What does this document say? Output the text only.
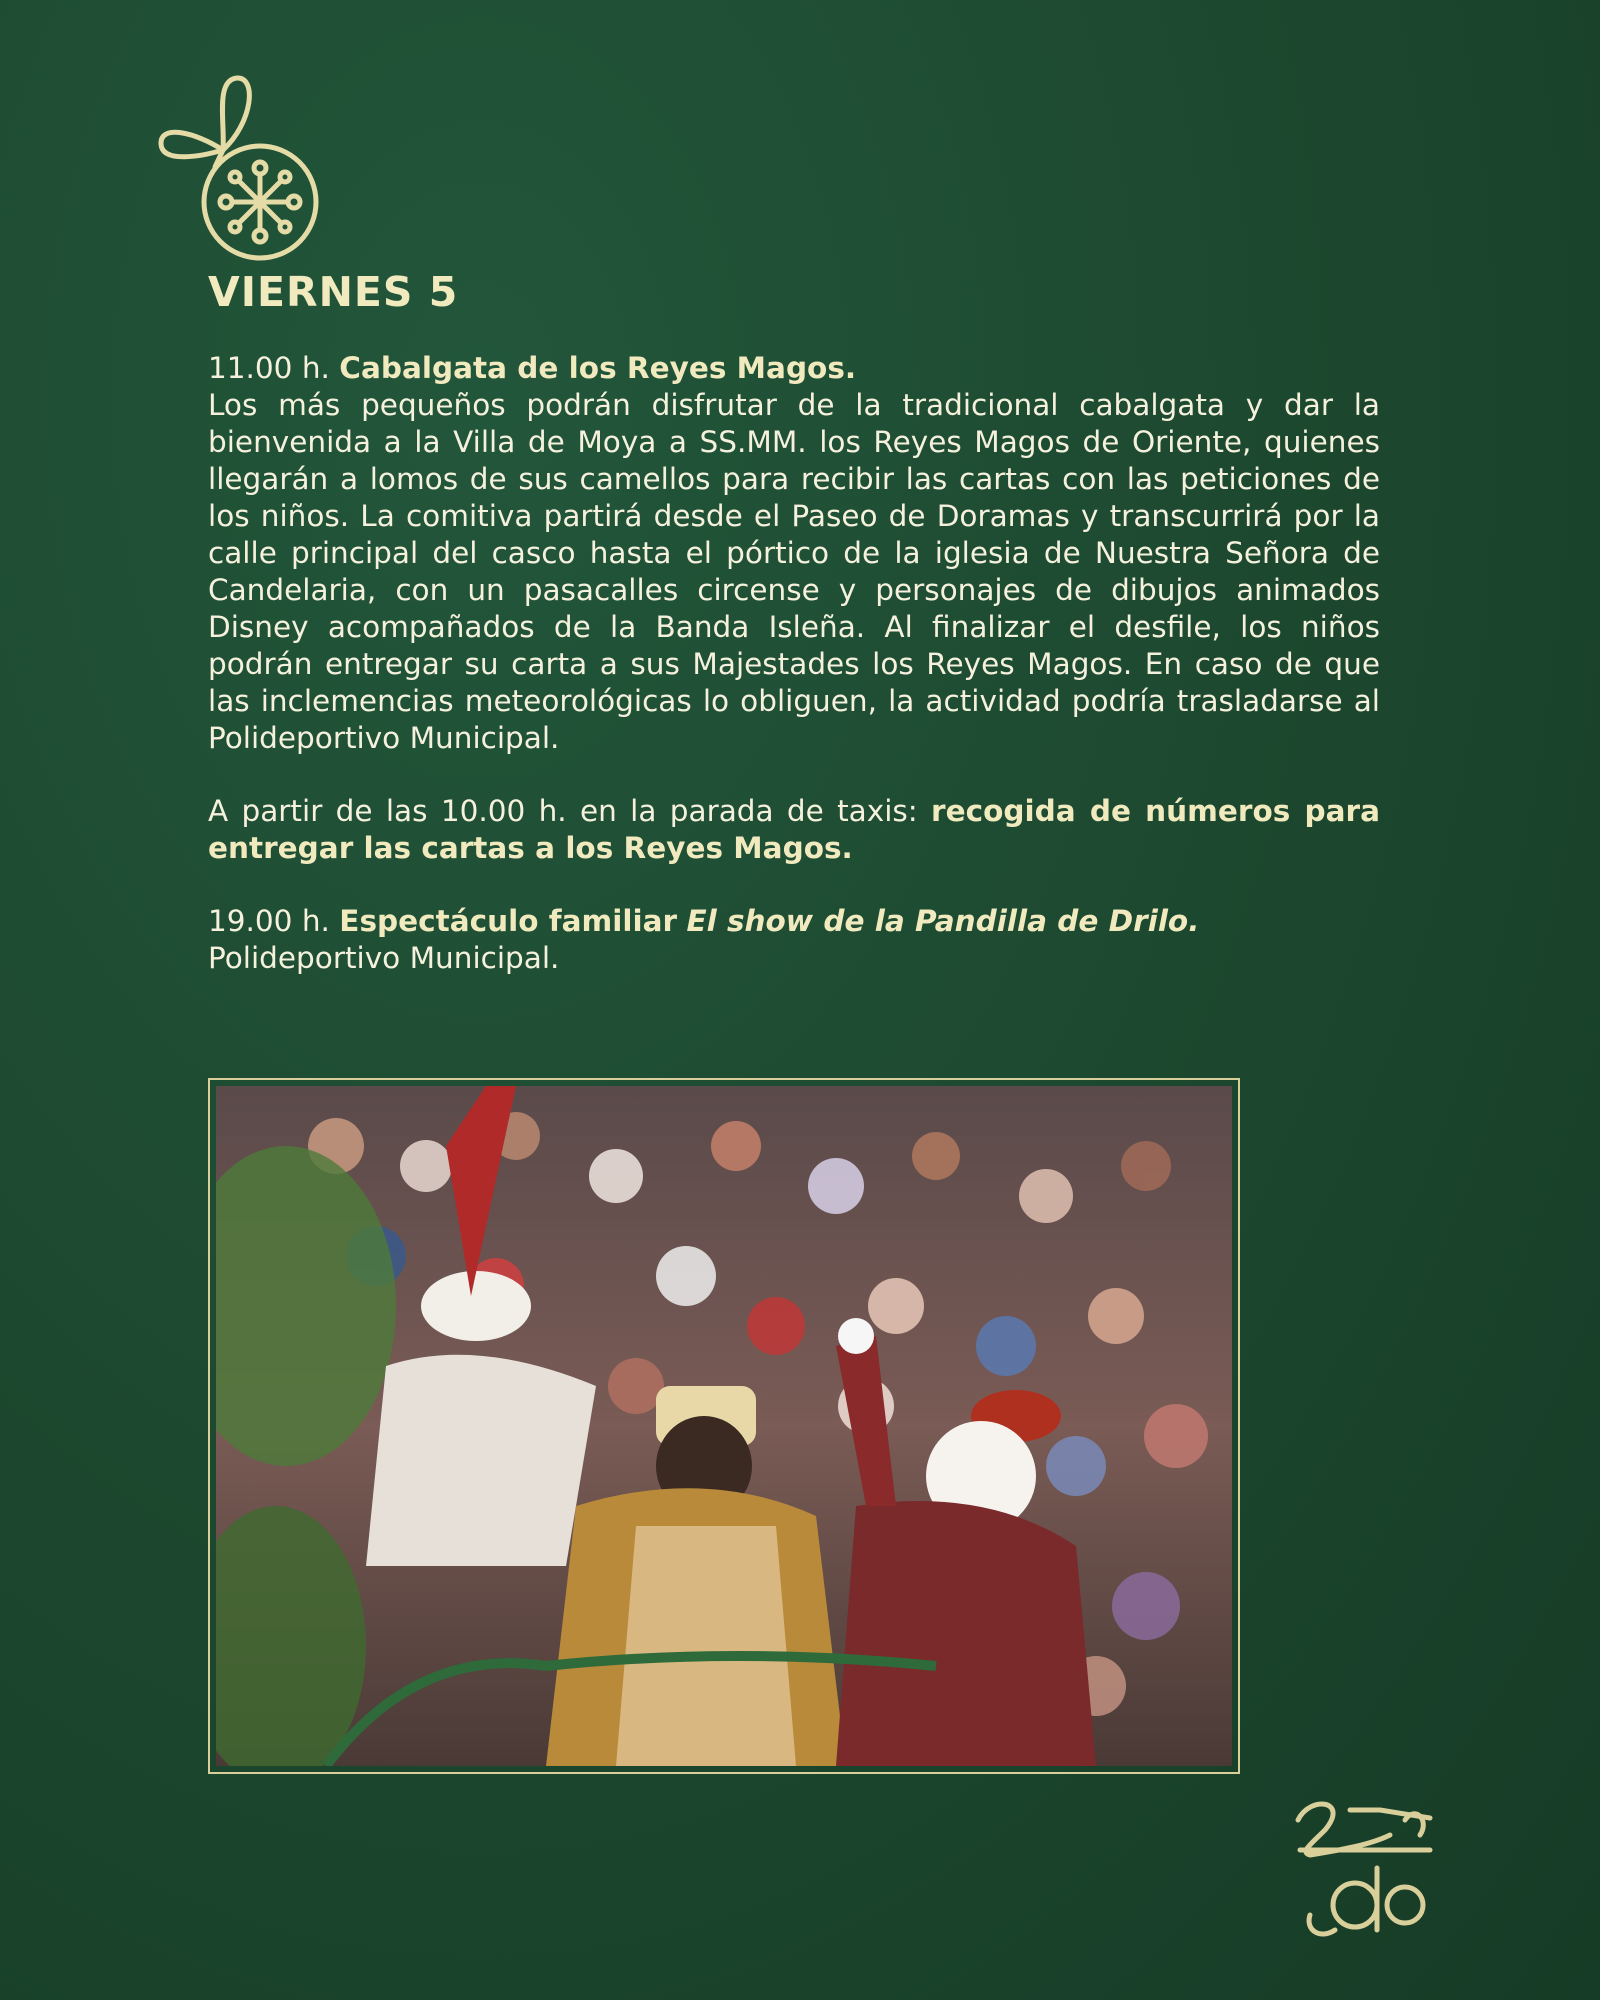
VIERNES 5

11.00 h. Cabalgata de los Reyes Magos.
Los más pequeños podrán disfrutar de la tradicional cabalgata y dar la bienvenida a la Villa de Moya a SS.MM. los Reyes Magos de Oriente, quienes llegarán a lomos de sus camellos para recibir las cartas con las peticiones de los niños. La comitiva partirá desde el Paseo de Doramas y transcurrirá por la calle principal del casco hasta el pórtico de la iglesia de Nuestra Señora de Candelaria, con un pasacalles circense y personajes de dibujos animados Disney acompañados de la Banda Isleña. Al finalizar el desfile, los niños podrán entregar su carta a sus Majestades los Reyes Magos. En caso de que las inclemencias meteorológicas lo obliguen, la actividad podría trasladarse al Polideportivo Municipal.

A partir de las 10.00 h. en la parada de taxis: recogida de números para entregar las cartas a los Reyes Magos.

19.00 h. Espectáculo familiar El show de la Pandilla de Drilo.
Polideportivo Municipal.
